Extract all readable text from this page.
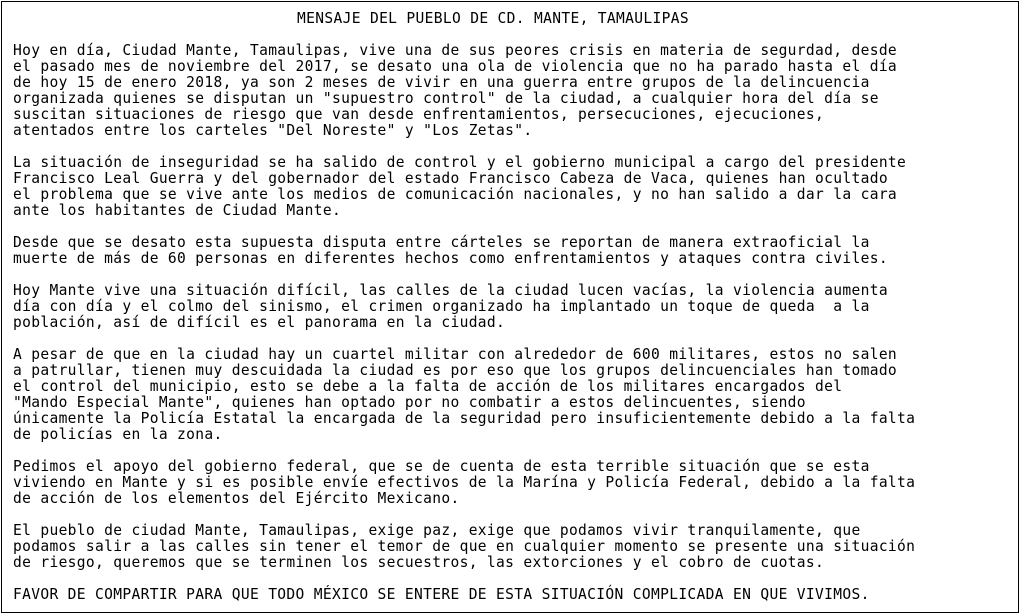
MENSAJE DEL PUEBLO DE CD. MANTE, TAMAULIPAS
Hoy en día, Ciudad Mante, Tamaulipas, vive una de sus peores crisis en materia de segurdad, desde
el pasado mes de noviembre del 2017, se desato una ola de violencia que no ha parado hasta el día
de hoy 15 de enero 2018, ya son 2 meses de vivir en una guerra entre grupos de la delincuencia
organizada quienes se disputan un "supuestro control" de la ciudad, a cualquier hora del día se
suscitan situaciones de riesgo que van desde enfrentamientos, persecuciones, ejecuciones,
atentados entre los carteles "Del Noreste" y "Los Zetas".
La situación de inseguridad se ha salido de control y el gobierno municipal a cargo del presidente
Francisco Leal Guerra y del gobernador del estado Francisco Cabeza de Vaca, quienes han ocultado
el problema que se vive ante los medios de comunicación nacionales, y no han salido a dar la cara
ante los habitantes de Ciudad Mante.
Desde que se desato esta supuesta disputa entre cárteles se reportan de manera extraoficial la
muerte de más de 60 personas en diferentes hechos como enfrentamientos y ataques contra civiles.
Hoy Mante vive una situación difícil, las calles de la ciudad lucen vacías, la violencia aumenta
día con día y el colmo del sinismo, el crimen organizado ha implantado un toque de queda  a la
población, así de difícil es el panorama en la ciudad.
A pesar de que en la ciudad hay un cuartel militar con alrededor de 600 militares, estos no salen
a patrullar, tienen muy descuidada la ciudad es por eso que los grupos delincuenciales han tomado
el control del municipio, esto se debe a la falta de acción de los militares encargados del
"Mando Especial Mante", quienes han optado por no combatir a estos delincuentes, siendo
únicamente la Policía Estatal la encargada de la seguridad pero insuficientemente debido a la falta
de policías en la zona.
Pedimos el apoyo del gobierno federal, que se de cuenta de esta terrible situación que se esta
viviendo en Mante y si es posible envíe efectivos de la Marína y Policía Federal, debido a la falta
de acción de los elementos del Ejército Mexicano.
El pueblo de ciudad Mante, Tamaulipas, exige paz, exige que podamos vivir tranquilamente, que
podamos salir a las calles sin tener el temor de que en cualquier momento se presente una situación
de riesgo, queremos que se terminen los secuestros, las extorciones y el cobro de cuotas.
FAVOR DE COMPARTIR PARA QUE TODO MÉXICO SE ENTERE DE ESTA SITUACIÓN COMPLICADA EN QUE VIVIMOS.
